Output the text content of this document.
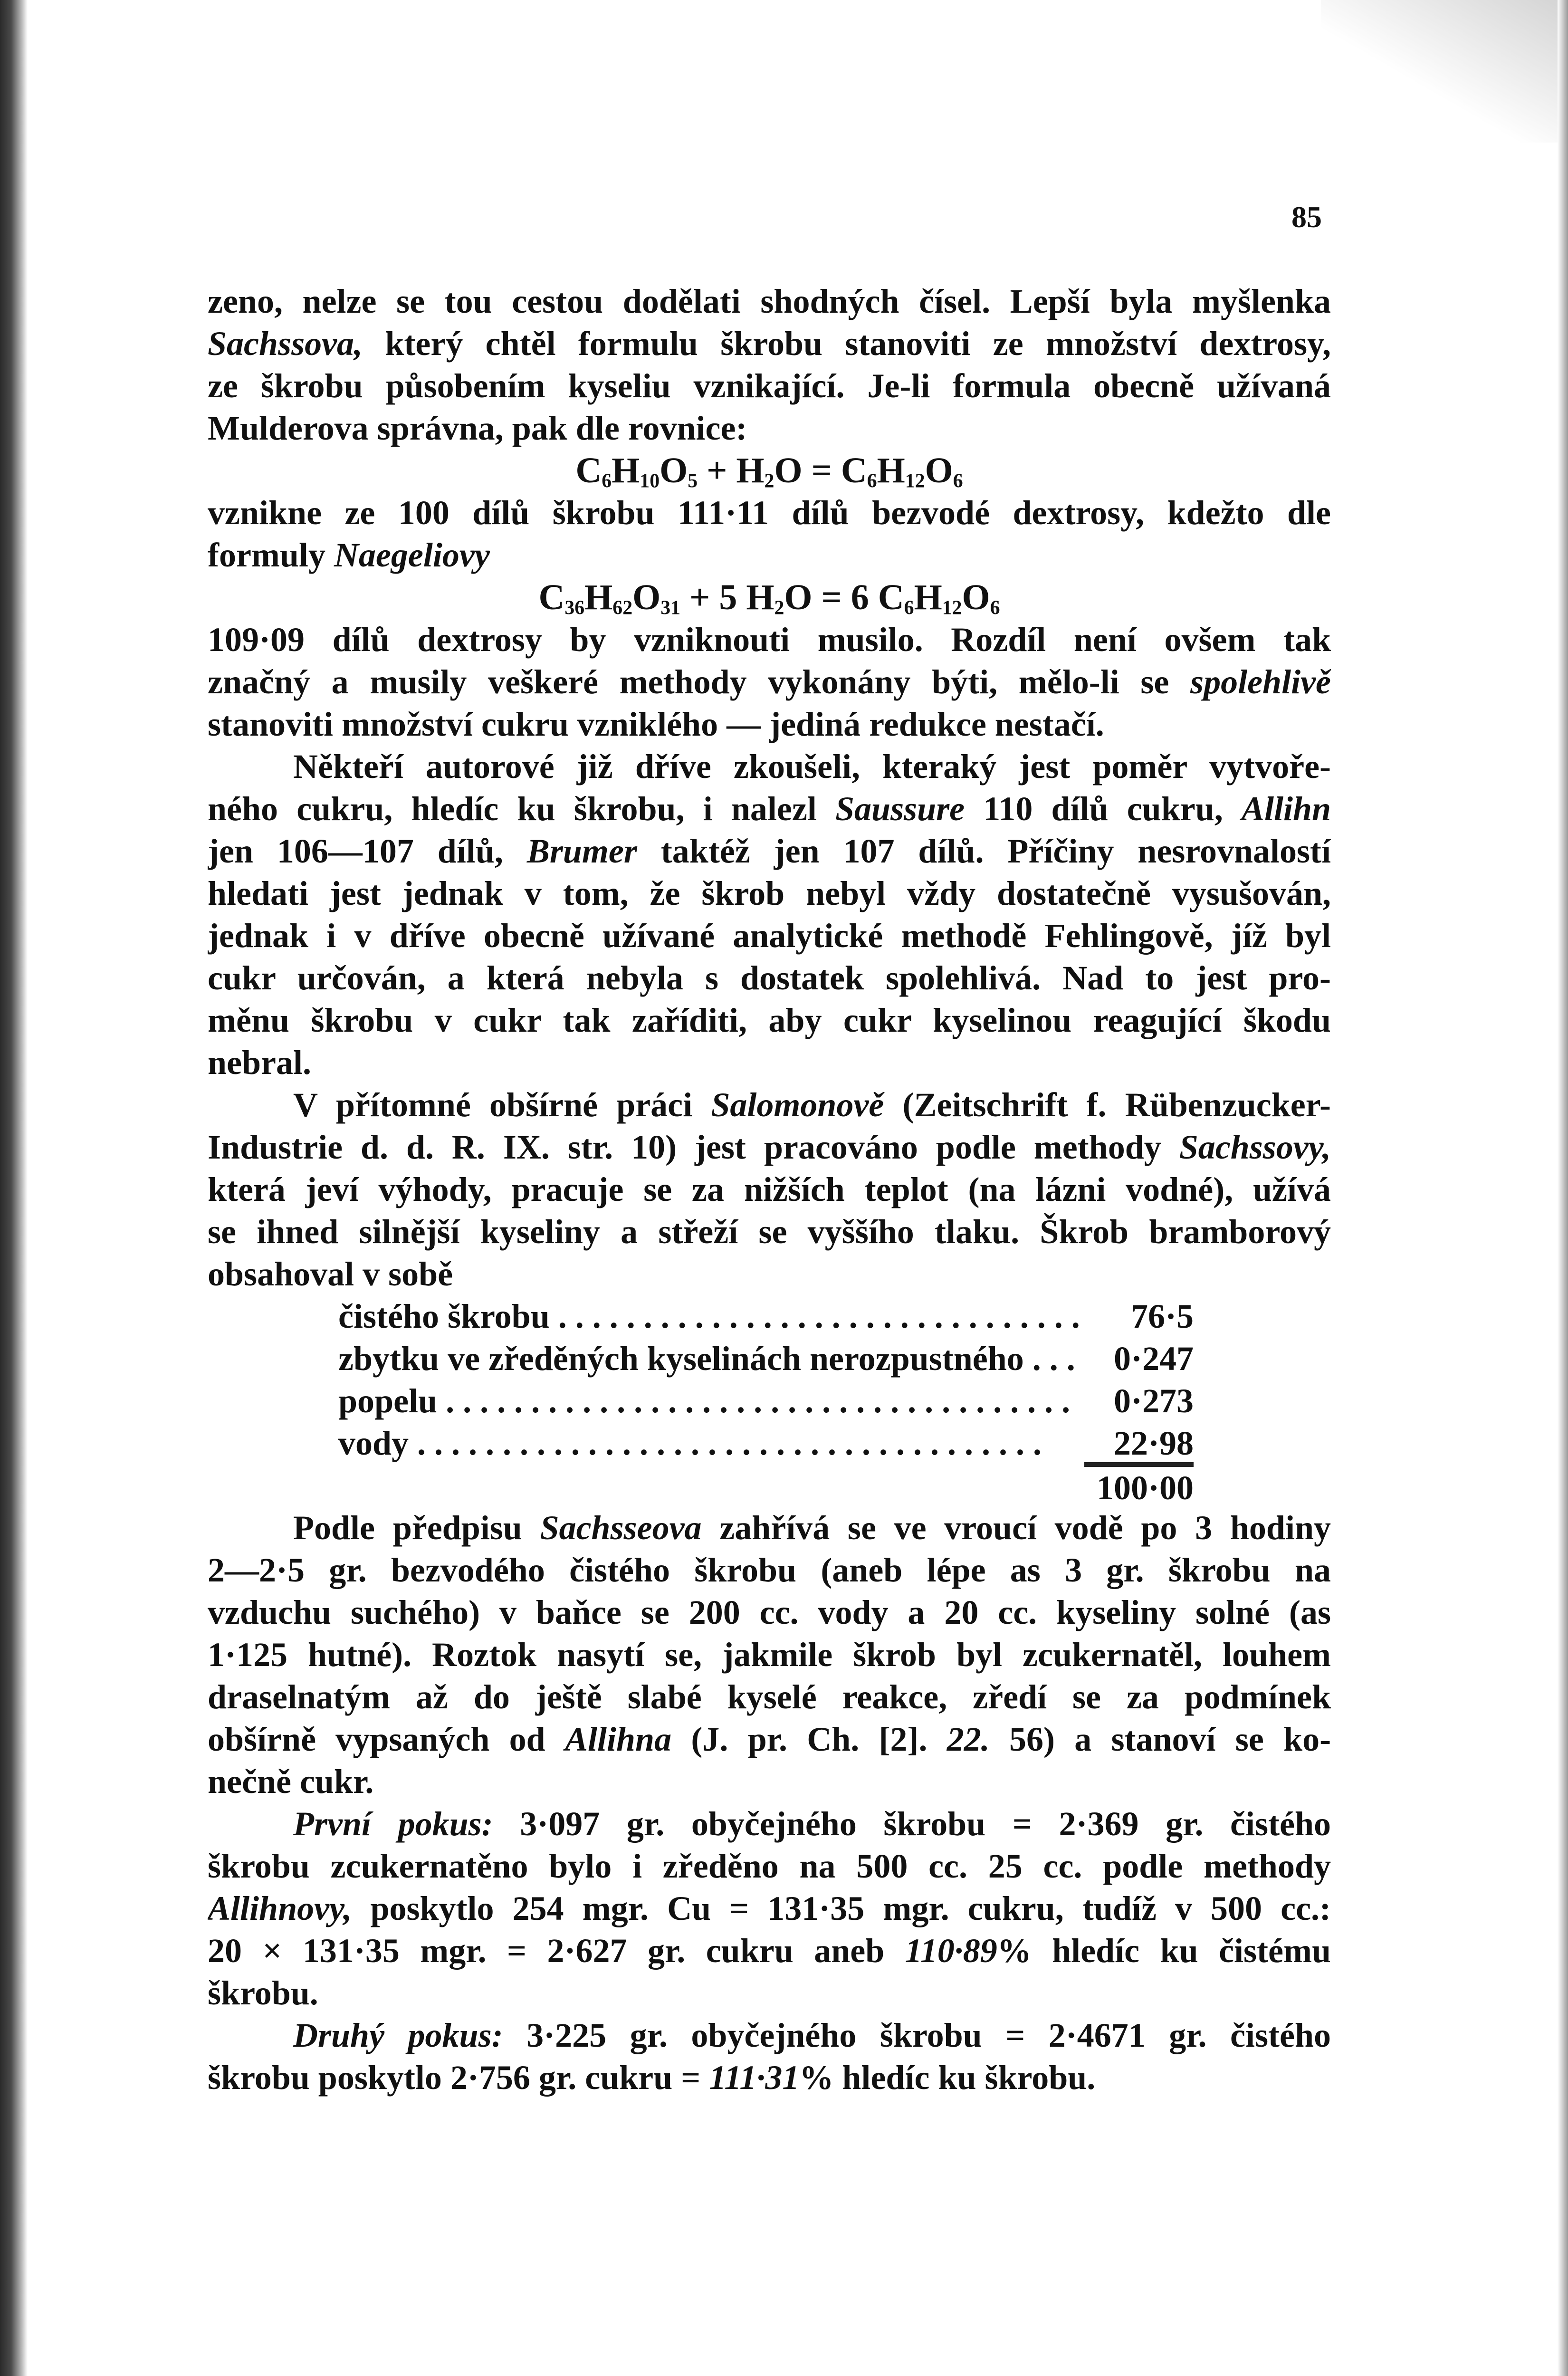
85
zeno, nelze se tou cestou dodělati shodných čísel. Lepší byla myšlenka
Sachssova, který chtěl formulu škrobu stanoviti ze množství dextrosy,
ze škrobu působením kyseliu vznikající. Je-li formula obecně užívaná
Mulderova správna, pak dle rovnice:
$C_6H_{10}O_5 + H_2O = C_6H_{12}O_6$
vznikne ze 100 dílů škrobu 111·11 dílů bezvodé dextrosy, kdežto dle
formuly Naegeliovy
$C_{36}H_{62}O_{31} + 5$ $H_2O = 6$ $C_6H_{12}O_6$
109·09 dílů dextrosy by vzniknouti musilo. Rozdíl není ovšem tak
značný a musily veškeré methody vykonány býti, mělo-li se spolehlivě
stanoviti množství cukru vzniklého — jediná redukce nestačí.
Někteří autorové již dříve zkoušeli, kteraký jest poměr vytvoře-
ného cukru, hledíc ku škrobu, i nalezl Saussure 110 dílů cukru, Allihn
jen 106—107 dílů, Brumer taktéž jen 107 dílů. Příčiny nesrovnalostí
hledati jest jednak v tom, že škrob nebyl vždy dostatečně vysušován,
jednak i v dříve obecně užívané analytické methodě Fehlingově, jíž byl
cukr určován, a která nebyla s dostatek spolehlivá. Nad to jest pro-
měnu škrobu v cukr tak zaříditi, aby cukr kyselinou reagující škodu
nebral.
V přítomné obšírné práci Salomonově (Zeitschrift f. Rübenzucker-
Industrie d. d. R. IX. str. 10) jest pracováno podle methody Sachssovy,
která jeví výhody, pracuje se za nižších teplot (na lázni vodné), užívá
se ihned silnější kyseliny a střeží se vyššího tlaku. Škrob bramborový
obsahoval v sobě
čistého škrobu . . .	76·5
zbytku ve zředěných kyselinách nerozpustného . . .	0·247
popelu . . .	0·273
vody . . .	22·98
100·00
Podle předpisu Sachsseova zahřívá se ve vroucí vodě po 3 hodiny
2—2·5 gr. bezvodého čistého škrobu (aneb lépe as 3 gr. škrobu na
vzduchu suchého) v baňce se 200 cc. vody a 20 cc. kyseliny solné (as
1·125 hutné). Roztok nasytí se, jakmile škrob byl zcukernatěl, louhem
draselnatým až do ještě slabé kyselé reakce, zředí se za podmínek
obšírně vypsaných od Allihna (J. pr. Ch. [2]. 22. 56) a stanoví se ko-
nečně cukr.
První pokus: 3·097 gr. obyčejného škrobu = 2·369 gr. čistého
škrobu zcukernatěno bylo i zředěno na 500 cc. 25 cc. podle methody
Allihnovy, poskytlo 254 mgr. Cu = 131·35 mgr. cukru, tudíž v 500 cc.:
20 × 131·35 mgr. = 2·627 gr. cukru aneb 110·89% hledíc ku čistému
škrobu.
Druhý pokus: 3·225 gr. obyčejného škrobu = 2·4671 gr. čistého
škrobu poskytlo 2·756 gr. cukru = 111·31% hledíc ku škrobu.
